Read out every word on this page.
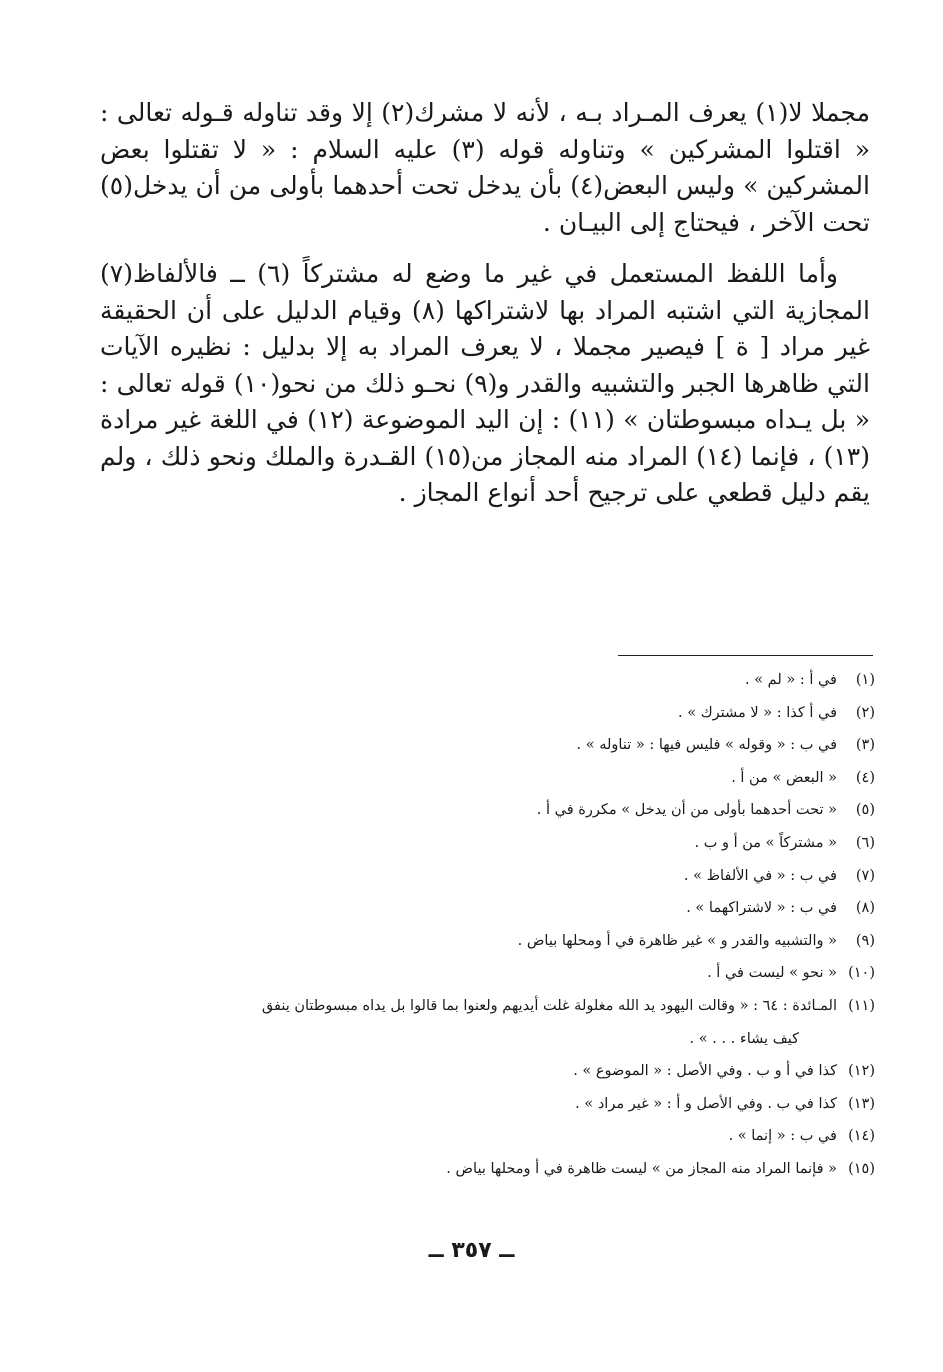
مجملا لا(١) يعرف المـراد بـه ، لأنه لا مشرك(٢) إلا وقد تناوله قـوله تعالى : « اقتلوا المشركين » وتناوله قوله (٣) عليه السلام : « لا تقتلوا بعض المشركين » وليس البعض(٤) بأن يدخل تحت أحدهما بأولى من أن يدخل(٥) تحت الآخر ، فيحتاج إلى البيـان .

وأما اللفظ المستعمل في غير ما وضع له مشتركاً (٦) ــ فالألفاظ(٧) المجازية التي اشتبه المراد بها لاشتراكها (٨) وقيام الدليل على أن الحقيقة غير مراد [ ة ] فيصير مجملا ، لا يعرف المراد به إلا بدليل : نظيره الآيات التي ظاهرها الجبر والتشبيه والقدر و(٩) نحـو ذلك من نحو(١٠) قوله تعالى : « بل يـداه مبسوطتان » (١١) : إن اليد الموضوعة (١٢) في اللغة غير مرادة (١٣) ، فإنما (١٤) المراد منه المجاز من(١٥) القـدرة والملك ونحو ذلك ، ولم يقم دليل قطعي على ترجيح أحد أنواع المجاز .

(١)
في أ : « لم » .
(٢)
في أ كذا : « لا مشترك » .
(٣)
في ب : « وقوله » فليس فيها : « تناوله » .
(٤)
« البعض » من أ .
(٥)
« تحت أحدهما بأولى من أن يدخل » مكررة في أ .
(٦)
« مشتركاً » من أ و ب .
(٧)
في ب : « في الألفاظ » .
(٨)
في ب : « لاشتراكهما » .
(٩)
« والتشبيه والقدر و » غير ظاهرة في أ ومحلها بياض .
(١٠)
« نحو » ليست في أ .
(١١)
المـائدة : ٦٤ : « وقالت اليهود يد الله مغلولة غلت أيديهم ولعنوا بما قالوا بل يداه مبسوطتان ينفق
كيف يشاء . . . » .
(١٢)
كذا في أ و ب . وفي الأصل : « الموضوع » .
(١٣)
كذا في ب . وفي الأصل و أ : « غير مراد » .
(١٤)
في ب : « إنما » .
(١٥)
« فإنما المراد منه المجاز من » ليست ظاهرة في أ ومحلها بياض .
ــ ٣٥٧ ــ
